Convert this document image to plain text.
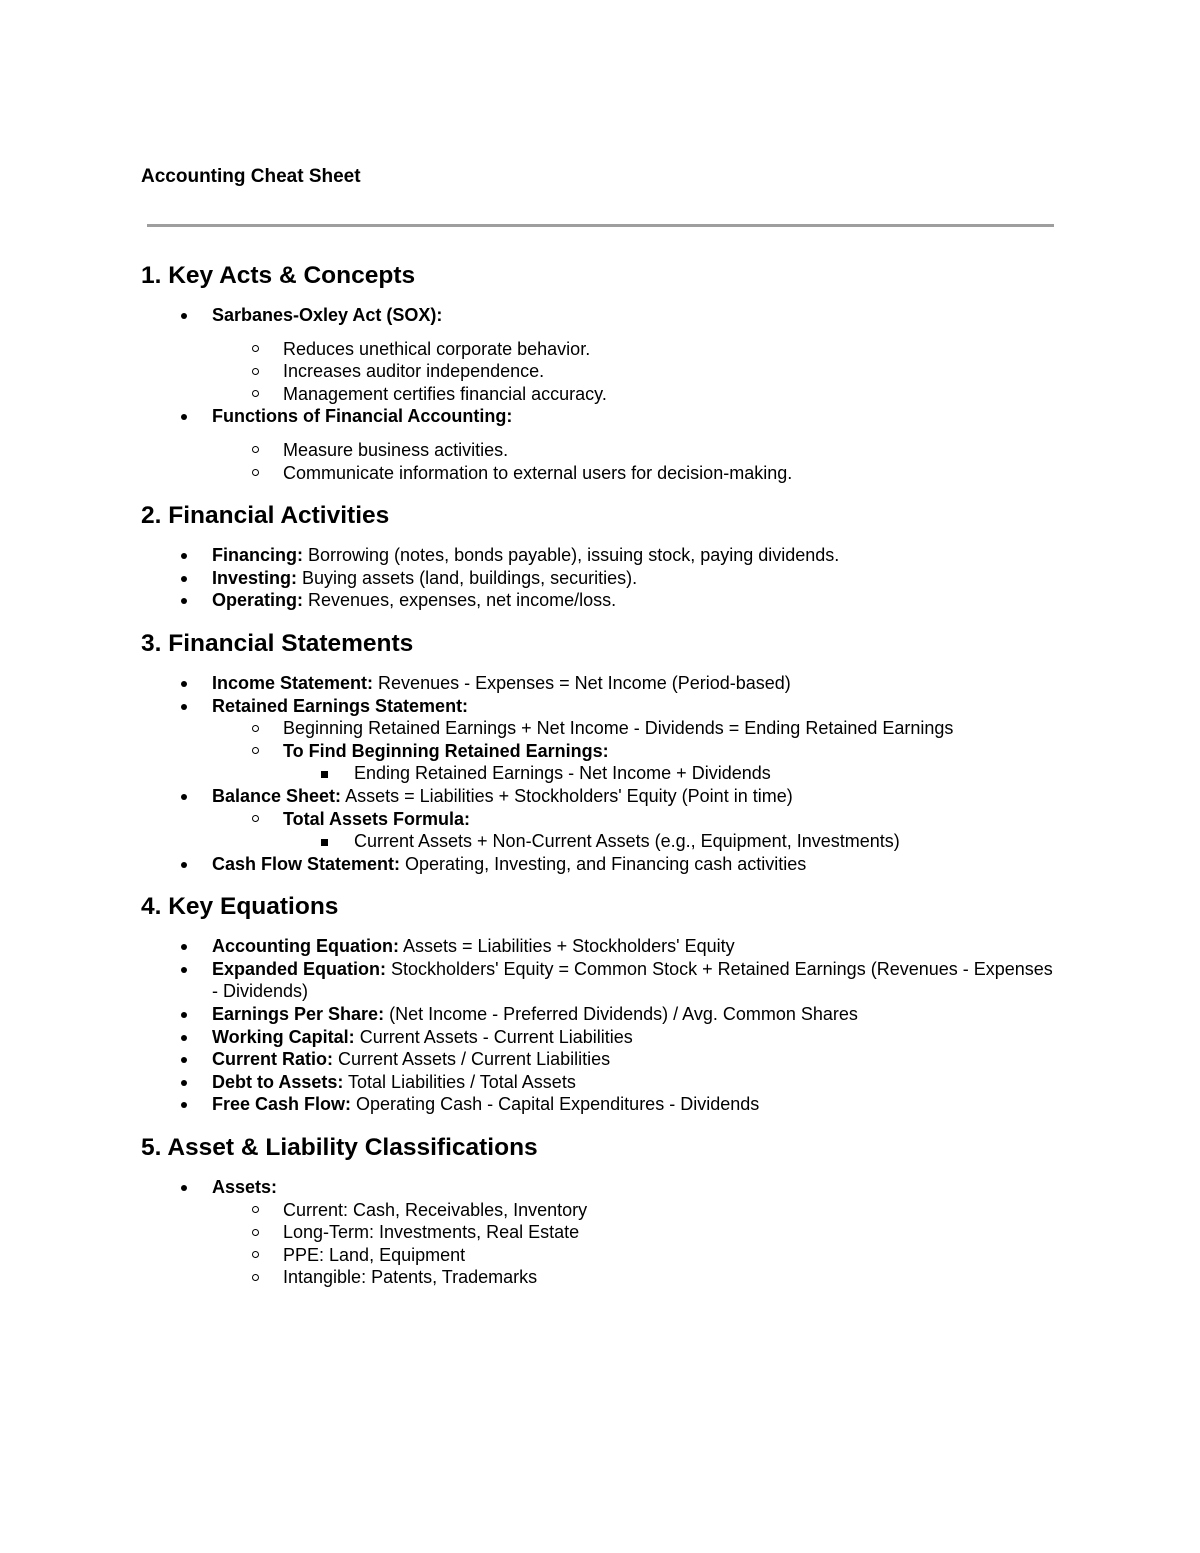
Accounting Cheat Sheet
1. Key Acts & Concepts
Sarbanes-Oxley Act (SOX):
Reduces unethical corporate behavior.
Increases auditor independence.
Management certifies financial accuracy.
Functions of Financial Accounting:
Measure business activities.
Communicate information to external users for decision-making.
2. Financial Activities
Financing: Borrowing (notes, bonds payable), issuing stock, paying dividends.
Investing: Buying assets (land, buildings, securities).
Operating: Revenues, expenses, net income/loss.
3. Financial Statements
Income Statement: Revenues - Expenses = Net Income (Period-based)
Retained Earnings Statement:
Beginning Retained Earnings + Net Income - Dividends = Ending Retained Earnings
To Find Beginning Retained Earnings:
Ending Retained Earnings - Net Income + Dividends
Balance Sheet: Assets = Liabilities + Stockholders' Equity (Point in time)
Total Assets Formula:
Current Assets + Non-Current Assets (e.g., Equipment, Investments)
Cash Flow Statement: Operating, Investing, and Financing cash activities
4. Key Equations
Accounting Equation: Assets = Liabilities + Stockholders' Equity
Expanded Equation: Stockholders' Equity = Common Stock + Retained Earnings (Revenues - Expenses - Dividends)
Earnings Per Share: (Net Income - Preferred Dividends) / Avg. Common Shares
Working Capital: Current Assets - Current Liabilities
Current Ratio: Current Assets / Current Liabilities
Debt to Assets: Total Liabilities / Total Assets
Free Cash Flow: Operating Cash - Capital Expenditures - Dividends
5. Asset & Liability Classifications
Assets:
Current: Cash, Receivables, Inventory
Long-Term: Investments, Real Estate
PPE: Land, Equipment
Intangible: Patents, Trademarks
